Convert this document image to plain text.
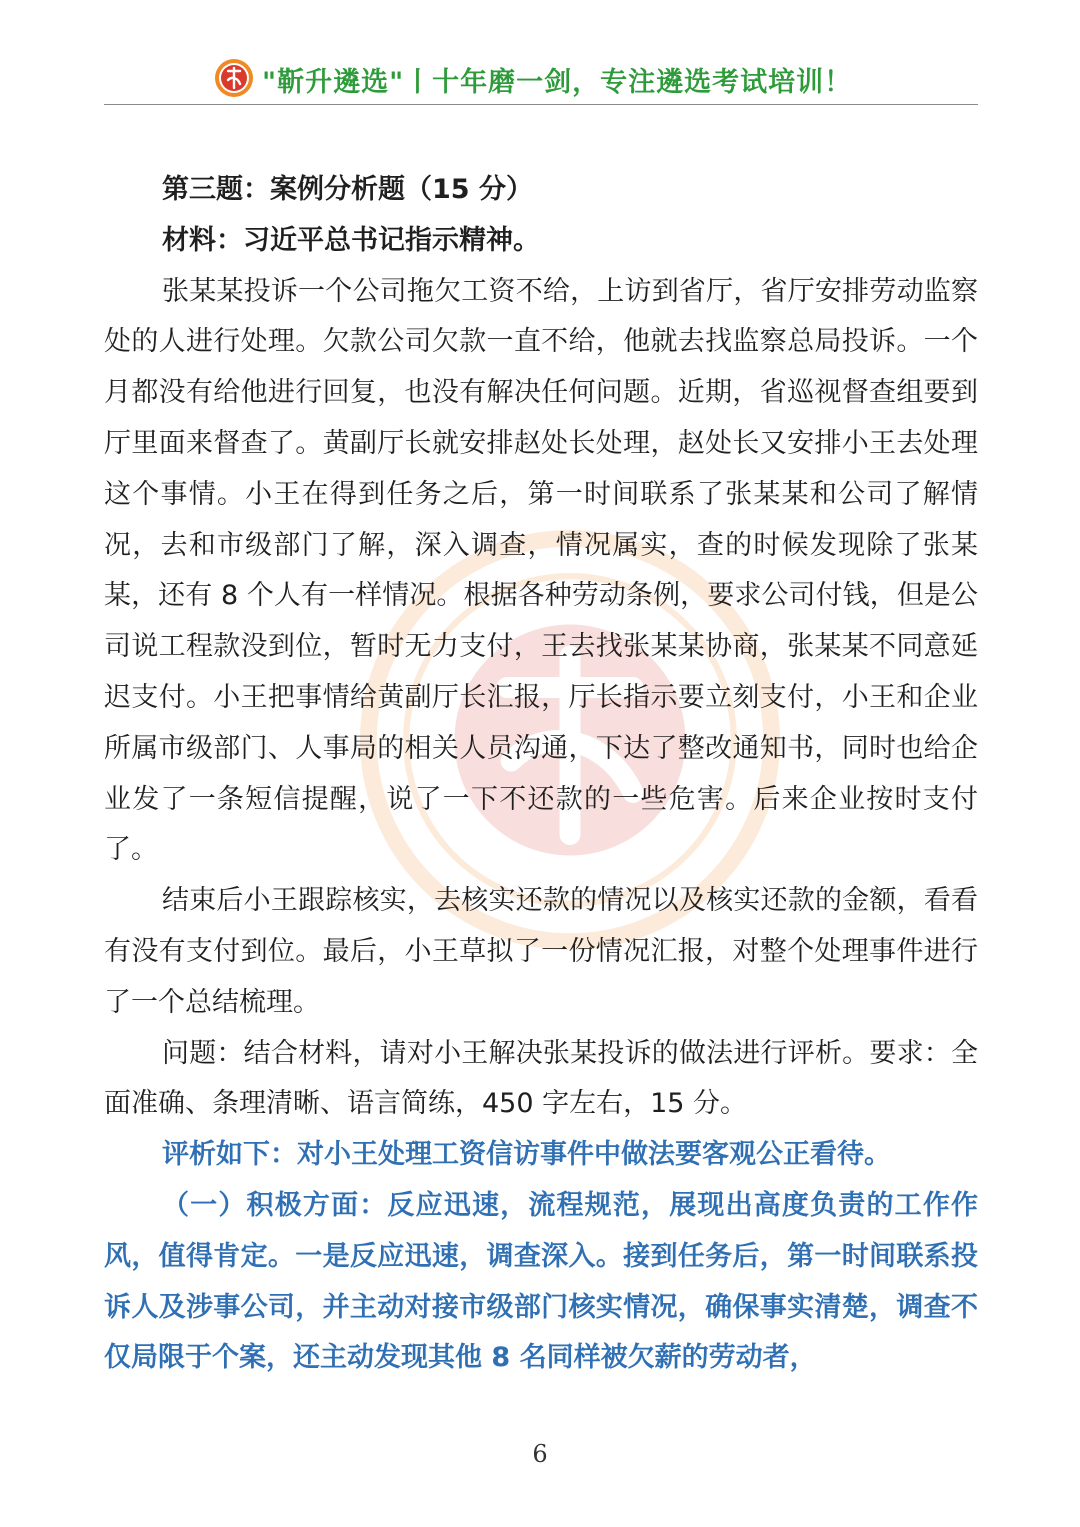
"靳升遴选"丨十年磨一剑，专注遴选考试培训！

第三题：案例分析题（15 分）

材料：习近平总书记指示精神。

张某某投诉一个公司拖欠工资不给，上访到省厅，省厅安排劳动监察处的人进行处理。欠款公司欠款一直不给，他就去找监察总局投诉。一个月都没有给他进行回复，也没有解决任何问题。近期，省巡视督查组要到厅里面来督查了。黄副厅长就安排赵处长处理，赵处长又安排小王去处理这个事情。小王在得到任务之后，第一时间联系了张某某和公司了解情况，去和市级部门了解，深入调查，情况属实，查的时候发现除了张某某，还有 8 个人有一样情况。根据各种劳动条例，要求公司付钱，但是公司说工程款没到位，暂时无力支付，王去找张某某协商，张某某不同意延迟支付。小王把事情给黄副厅长汇报，厅长指示要立刻支付，小王和企业所属市级部门、人事局的相关人员沟通，下达了整改通知书，同时也给企业发了一条短信提醒，说了一下不还款的一些危害。后来企业按时支付了。

结束后小王跟踪核实，去核实还款的情况以及核实还款的金额，看看有没有支付到位。最后，小王草拟了一份情况汇报，对整个处理事件进行了一个总结梳理。

问题：结合材料，请对小王解决张某投诉的做法进行评析。要求：全面准确、条理清晰、语言简练，450 字左右，15 分。

评析如下：对小王处理工资信访事件中做法要客观公正看待。

（一）积极方面：反应迅速，流程规范，展现出高度负责的工作作风，值得肯定。一是反应迅速，调查深入。接到任务后，第一时间联系投诉人及涉事公司，并主动对接市级部门核实情况，确保事实清楚，调查不仅局限于个案，还主动发现其他 8 名同样被欠薪的劳动者，

6
